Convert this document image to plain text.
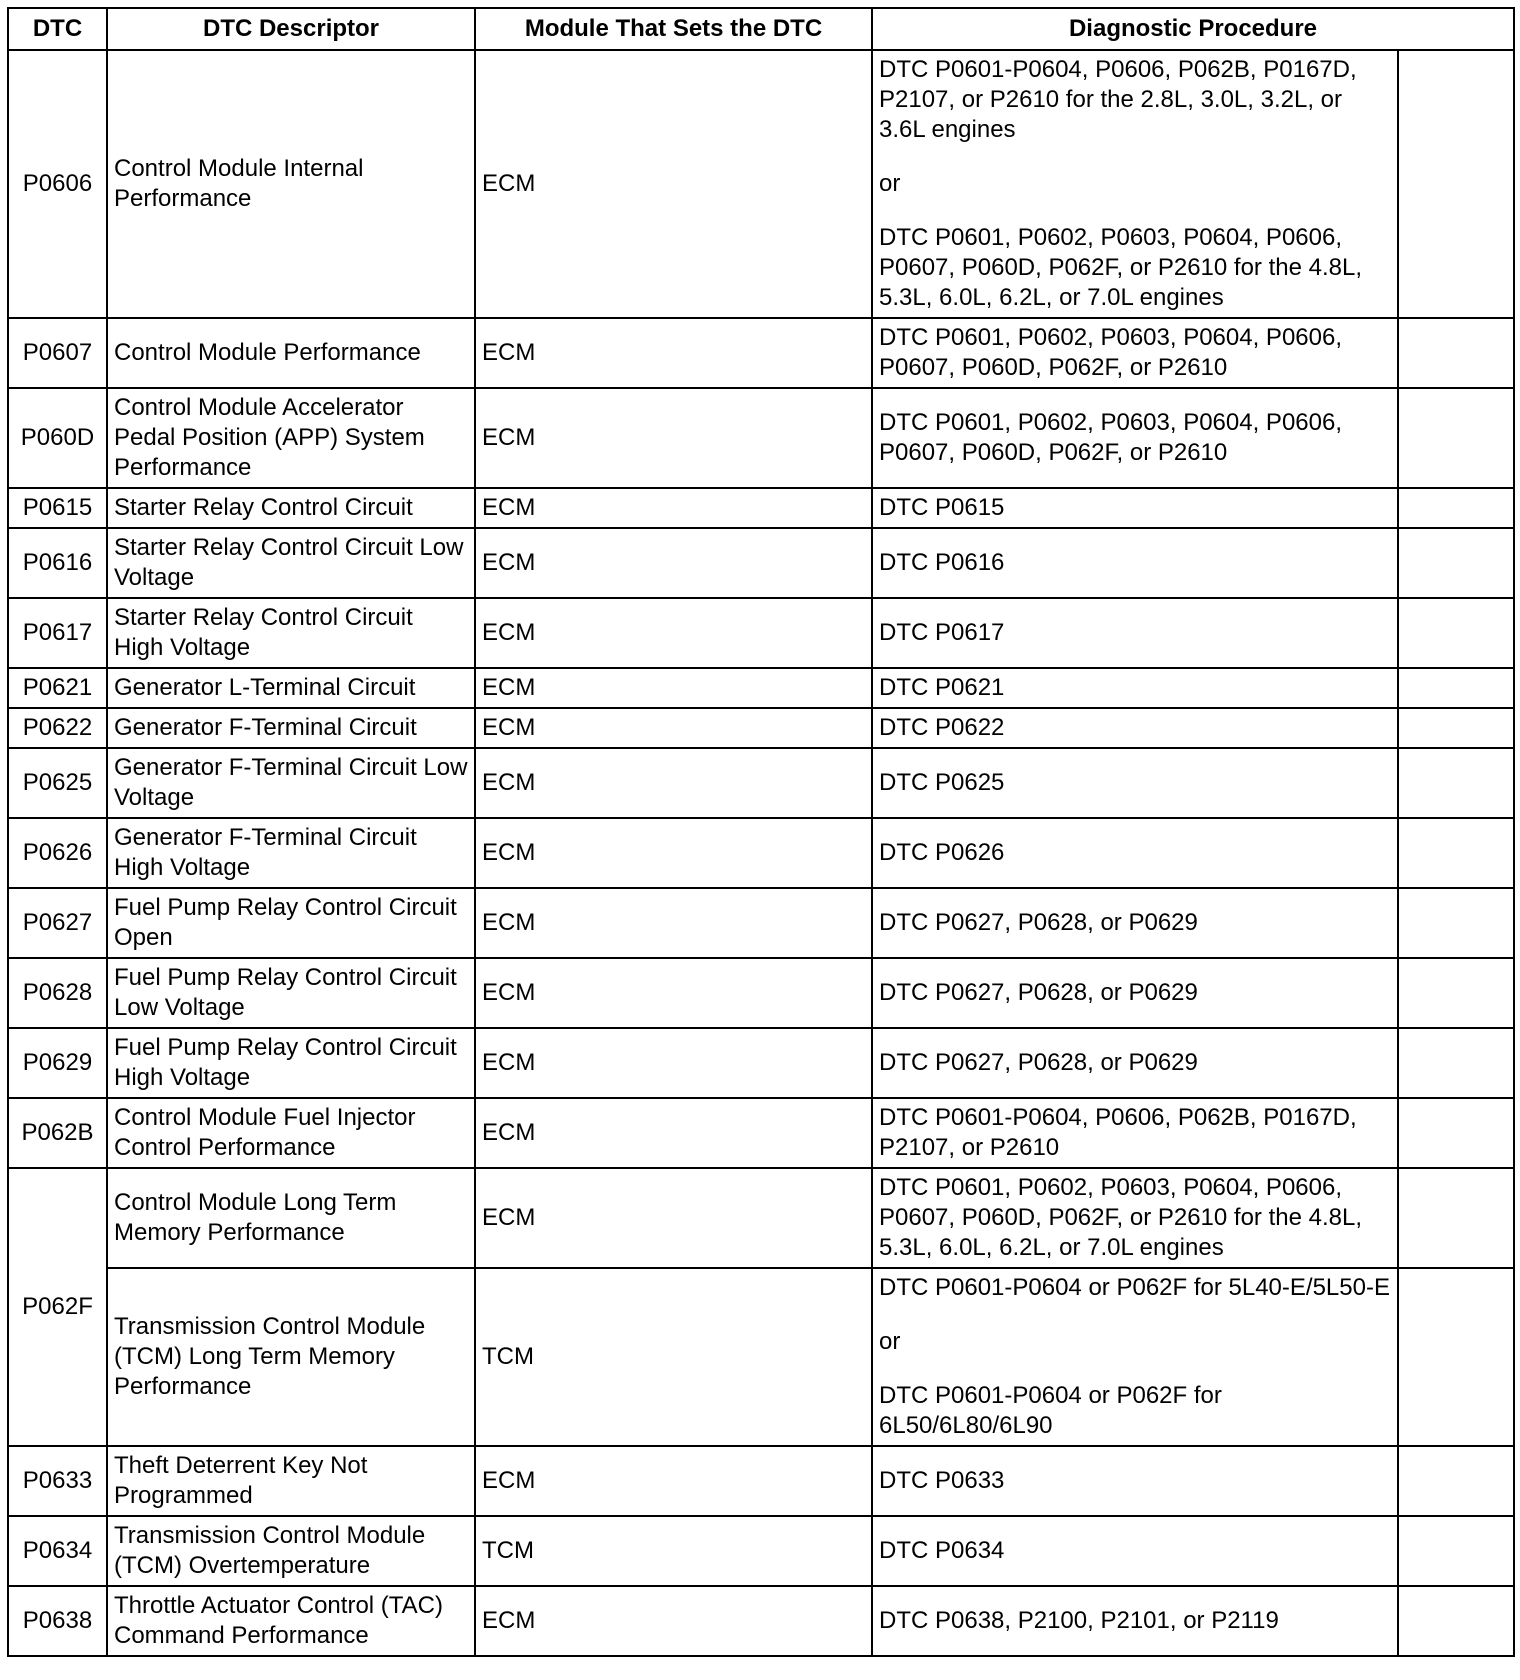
DTC	DTC Descriptor	Module That Sets the DTC	Diagnostic Procedure	
P0606	Control Module Internal Performance	ECM	DTC P0601-P0604, P0606, P062B, P0167D, P2107, or P2610 for the 2.8L, 3.0L, 3.2L, or 3.6L engines
or
DTC P0601, P0602, P0603, P0604, P0606, P0607, P060D, P062F, or P2610 for the 4.8L, 5.3L, 6.0L, 6.2L, or 7.0L engines	

P0607	Control Module Performance	ECM	DTC P0601, P0602, P0603, P0604, P0606, P0607, P060D, P062F, or P2610	

P060D	Control Module Accelerator Pedal Position (APP) System Performance	ECM	DTC P0601, P0602, P0603, P0604, P0606, P0607, P060D, P062F, or P2610	

P0615	Starter Relay Control Circuit	ECM	DTC P0615	

P0616	Starter Relay Control Circuit Low Voltage	ECM	DTC P0616	

P0617	Starter Relay Control Circuit High Voltage	ECM	DTC P0617	

P0621	Generator L-Terminal Circuit	ECM	DTC P0621	

P0622	Generator F-Terminal Circuit	ECM	DTC P0622	

P0625	Generator F-Terminal Circuit Low Voltage	ECM	DTC P0625	

P0626	Generator F-Terminal Circuit High Voltage	ECM	DTC P0626	

P0627	Fuel Pump Relay Control Circuit Open	ECM	DTC P0627, P0628, or P0629	

P0628	Fuel Pump Relay Control Circuit Low Voltage	ECM	DTC P0627, P0628, or P0629	

P0629	Fuel Pump Relay Control Circuit High Voltage	ECM	DTC P0627, P0628, or P0629	

P062B	Control Module Fuel Injector Control Performance	ECM	DTC P0601-P0604, P0606, P062B, P0167D, P2107, or P2610	

P062F	Control Module Long Term Memory Performance	ECM	DTC P0601, P0602, P0603, P0604, P0606, P0607, P060D, P062F, or P2610 for the 4.8L, 5.3L, 6.0L, 6.2L, or 7.0L engines	

	Transmission Control Module (TCM) Long Term Memory Performance	TCM	DTC P0601-P0604 or P062F for 5L40-E/5L50-E
or
DTC P0601-P0604 or P062F for 6L50/6L80/6L90	

P0633	Theft Deterrent Key Not Programmed	ECM	DTC P0633	

P0634	Transmission Control Module (TCM) Overtemperature	TCM	DTC P0634	

P0638	Throttle Actuator Control (TAC) Command Performance	ECM	DTC P0638, P2100, P2101, or P2119	
